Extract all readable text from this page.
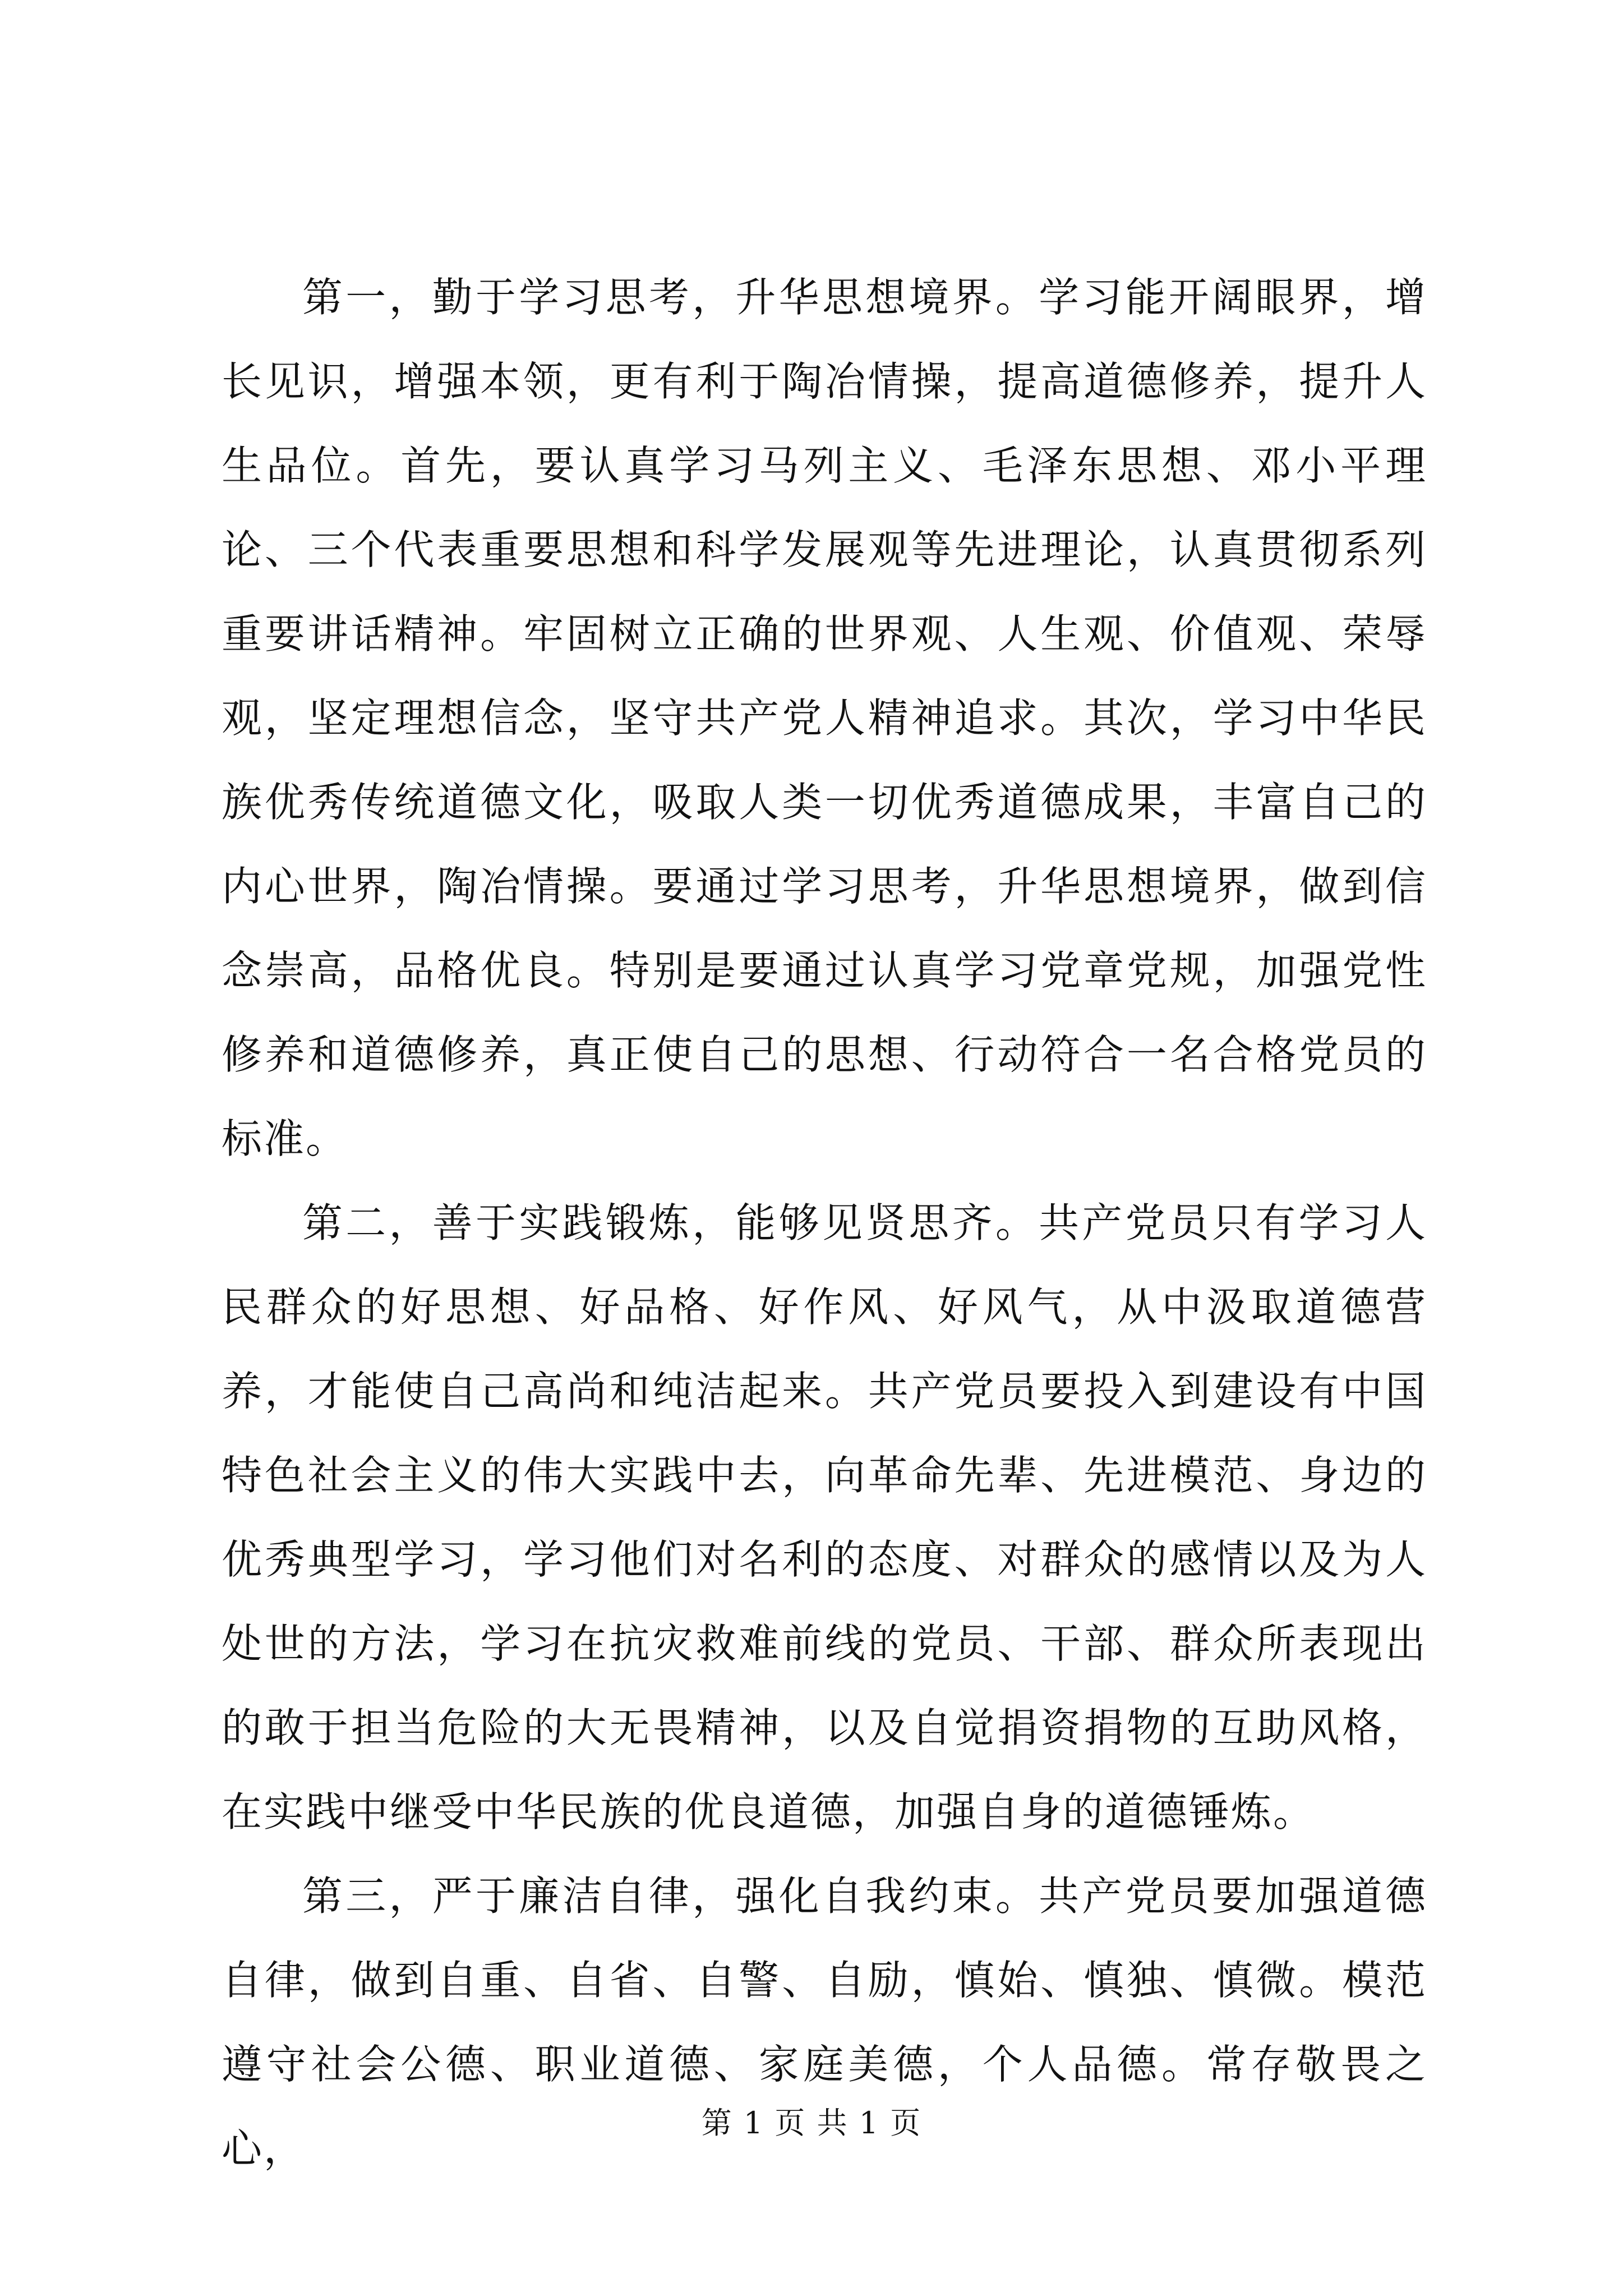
第一，勤于学习思考，升华思想境界。学习能开阔眼界，增长见识，增强本领，更有利于陶冶情操，提高道德修养，提升人生品位。首先，要认真学习马列主义、毛泽东思想、邓小平理论、三个代表重要思想和科学发展观等先进理论，认真贯彻系列重要讲话精神。牢固树立正确的世界观、人生观、价值观、荣辱观，坚定理想信念，坚守共产党人精神追求。其次，学习中华民族优秀传统道德文化，吸取人类一切优秀道德成果，丰富自己的内心世界，陶冶情操。要通过学习思考，升华思想境界，做到信念崇高，品格优良。特别是要通过认真学习党章党规，加强党性修养和道德修养，真正使自己的思想、行动符合一名合格党员的标准。

第二，善于实践锻炼，能够见贤思齐。共产党员只有学习人民群众的好思想、好品格、好作风、好风气，从中汲取道德营养，才能使自己高尚和纯洁起来。共产党员要投入到建设有中国特色社会主义的伟大实践中去，向革命先辈、先进模范、身边的优秀典型学习，学习他们对名利的态度、对群众的感情以及为人处世的方法，学习在抗灾救难前线的党员、干部、群众所表现出的敢于担当危险的大无畏精神，以及自觉捐资捐物的互助风格，在实践中继受中华民族的优良道德，加强自身的道德锤炼。

第三，严于廉洁自律，强化自我约束。共产党员要加强道德自律，做到自重、自省、自警、自励，慎始、慎独、慎微。模范遵守社会公德、职业道德、家庭美德，个人品德。常存敬畏之心，

第 1 页 共 1 页
